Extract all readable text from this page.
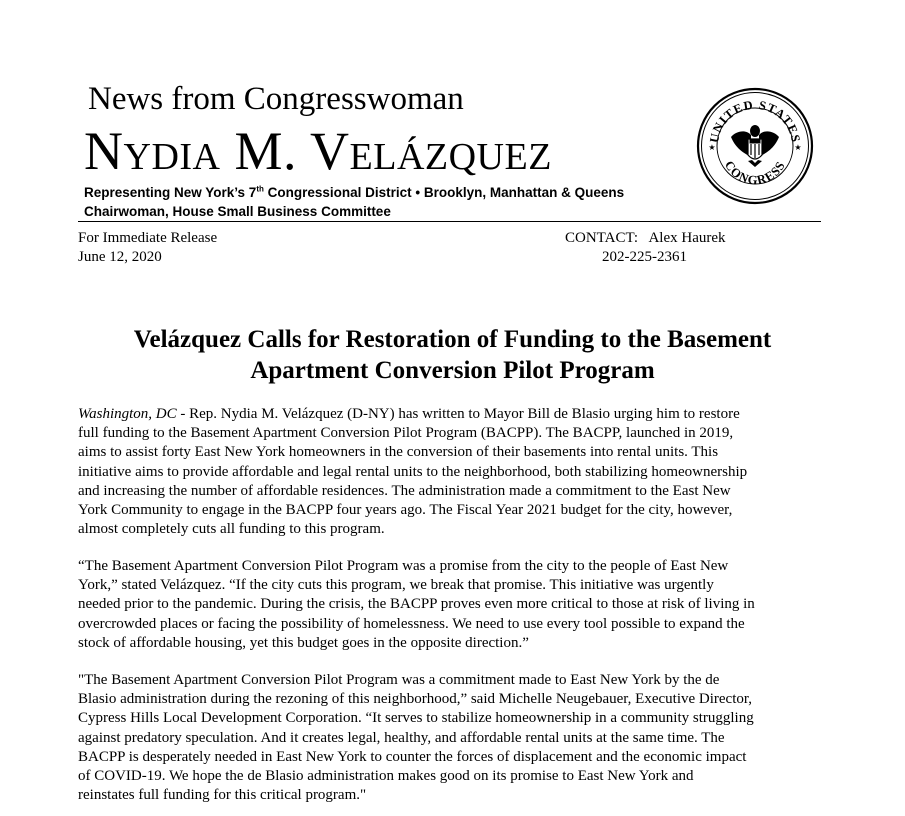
News from Congresswoman
Nydia M. Velázquez
Representing New York’s 7th Congressional District • Brooklyn, Manhattan & Queens
Chairwoman, House Small Business Committee
UNITED STATES
CONGRESS
★	★
For Immediate Release
June 12, 2020
CONTACT:   Alex Haurek
202-225-2361
Velázquez Calls for Restoration of Funding to the Basement
Apartment Conversion Pilot Program
Washington, DC - Rep. Nydia M. Velázquez (D-NY) has written to Mayor Bill de Blasio urging him to restore
full funding to the Basement Apartment Conversion Pilot Program (BACPP). The BACPP, launched in 2019,
aims to assist forty East New York homeowners in the conversion of their basements into rental units. This
initiative aims to provide affordable and legal rental units to the neighborhood, both stabilizing homeownership
and increasing the number of affordable residences. The administration made a commitment to the East New
York Community to engage in the BACPP four years ago. The Fiscal Year 2021 budget for the city, however,
almost completely cuts all funding to this program.
“The Basement Apartment Conversion Pilot Program was a promise from the city to the people of East New
York,” stated Velázquez. “If the city cuts this program, we break that promise. This initiative was urgently
needed prior to the pandemic. During the crisis, the BACPP proves even more critical to those at risk of living in
overcrowded places or facing the possibility of homelessness. We need to use every tool possible to expand the
stock of affordable housing, yet this budget goes in the opposite direction.”
"The Basement Apartment Conversion Pilot Program was a commitment made to East New York by the de
Blasio administration during the rezoning of this neighborhood,” said Michelle Neugebauer, Executive Director,
Cypress Hills Local Development Corporation. “It serves to stabilize homeownership in a community struggling
against predatory speculation. And it creates legal, healthy, and affordable rental units at the same time. The
BACPP is desperately needed in East New York to counter the forces of displacement and the economic impact
of COVID-19. We hope the de Blasio administration makes good on its promise to East New York and
reinstates full funding for this critical program."
